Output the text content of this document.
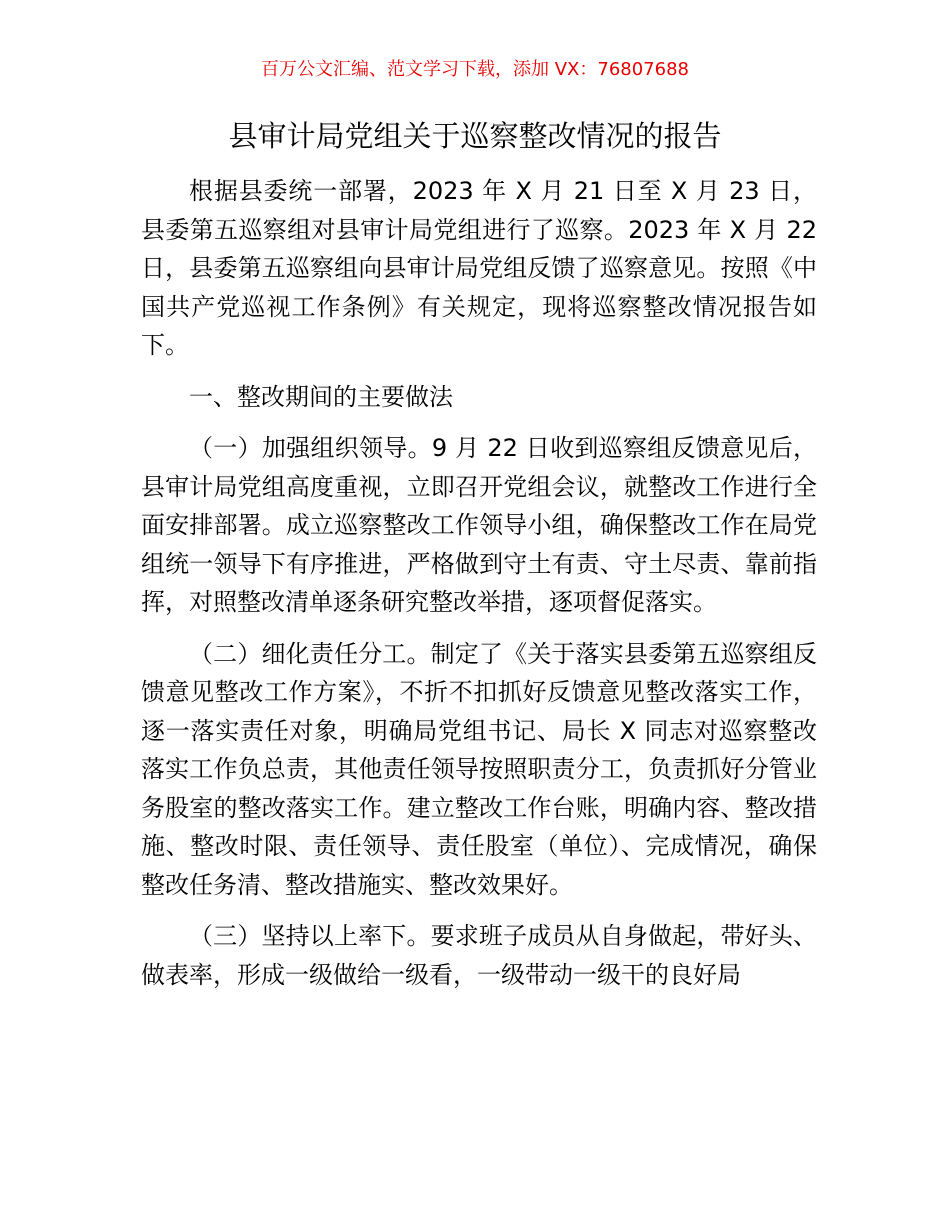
百万公文汇编、范文学习下载，添加 VX：76807688
县审计局党组关于巡察整改情况的报告

根据县委统一部署，2023 年 X 月 21 日至 X 月 23 日，县委第五巡察组对县审计局党组进行了巡察。2023 年 X 月 22 日，县委第五巡察组向县审计局党组反馈了巡察意见。按照《中国共产党巡视工作条例》有关规定，现将巡察整改情况报告如下。

一、整改期间的主要做法

（一）加强组织领导。9 月 22 日收到巡察组反馈意见后，县审计局党组高度重视，立即召开党组会议，就整改工作进行全面安排部署。成立巡察整改工作领导小组，确保整改工作在局党组统一领导下有序推进，严格做到守土有责、守土尽责、靠前指挥，对照整改清单逐条研究整改举措，逐项督促落实。

（二）细化责任分工。制定了《关于落实县委第五巡察组反馈意见整改工作方案》，不折不扣抓好反馈意见整改落实工作，逐一落实责任对象，明确局党组书记、局长 X 同志对巡察整改落实工作负总责，其他责任领导按照职责分工，负责抓好分管业务股室的整改落实工作。建立整改工作台账，明确内容、整改措施、整改时限、责任领导、责任股室（单位）、完成情况，确保整改任务清、整改措施实、整改效果好。

（三）坚持以上率下。要求班子成员从自身做起，带好头、做表率，形成一级做给一级看，一级带动一级干的良好局
